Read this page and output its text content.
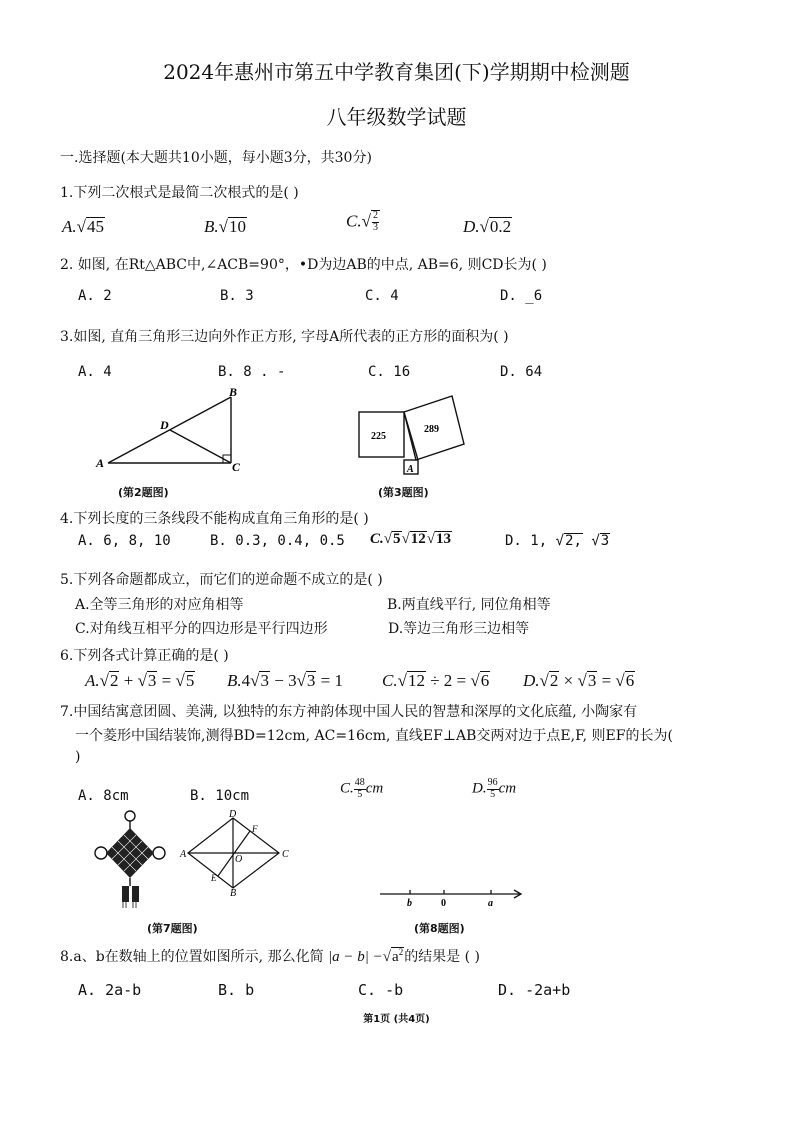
2024年惠州市第五中学教育集团(下)学期期中检测题
八年级数学试题
一.选择题(本大题共10小题，每小题3分，共30分)
1.下列二次根式是最简二次根式的是( )
A.√45	B.√10	$C.√ \frac{2}{3}$	D.√0.2
2. 如图, 在Rt△ABC中,∠ACB=90°，•D为边AB的中点, AB=6, 则CD长为( )
A. 2	B. 3	C. 4	D. _6
3.如图, 直角三角形三边向外作正方形, 字母A所代表的正方形的面积为( )
A. 4	B. 8 . -	C. 16	D. 64
A
B
C
D
(第2题图)
225
289
A
(第3题图)
4.下列长度的三条线段不能构成直角三角形的是( )
A. 6, 8, 10	B. 0.3, 0.4, 0.5 C.√5√12√13	D. 1, √2, √3
5.下列各命题都成立，而它们的逆命题不成立的是( )
A.全等三角形的对应角相等	B.两直线平行, 同位角相等
C.对角线互相平分的四边形是平行四边形	D.等边三角形三边相等
6.下列各式计算正确的是( )
A.√2 + √3 = √5 B.4√3 − 3√3 = 1 C.√12 ÷ 2 = √6 D.√2 × √3 = √6
7.中国结寓意团圆、美满, 以独特的东方神韵体现中国人民的智慧和深厚的文化底蕴, 小陶家有
一个菱形中国结装饰,测得BD=12cm, AC=16cm, 直线EF⊥AB交两对边于点E,F, 则EF的长为(
)
A. 8cm	B. 10cm	C. $\frac{48}{5}$ cm	D. $\frac{96}{5}$ cm
A
B
C
D
E
F
O
(第7题图)
b	0	a
(第8题图)
8.a、b在数轴上的位置如图所示, 那么化简 $|a - b| -√a^2$的结果是 ( )
A. 2a-b	B. b	C. -b	D. -2a+b
第1页 (共4页)
